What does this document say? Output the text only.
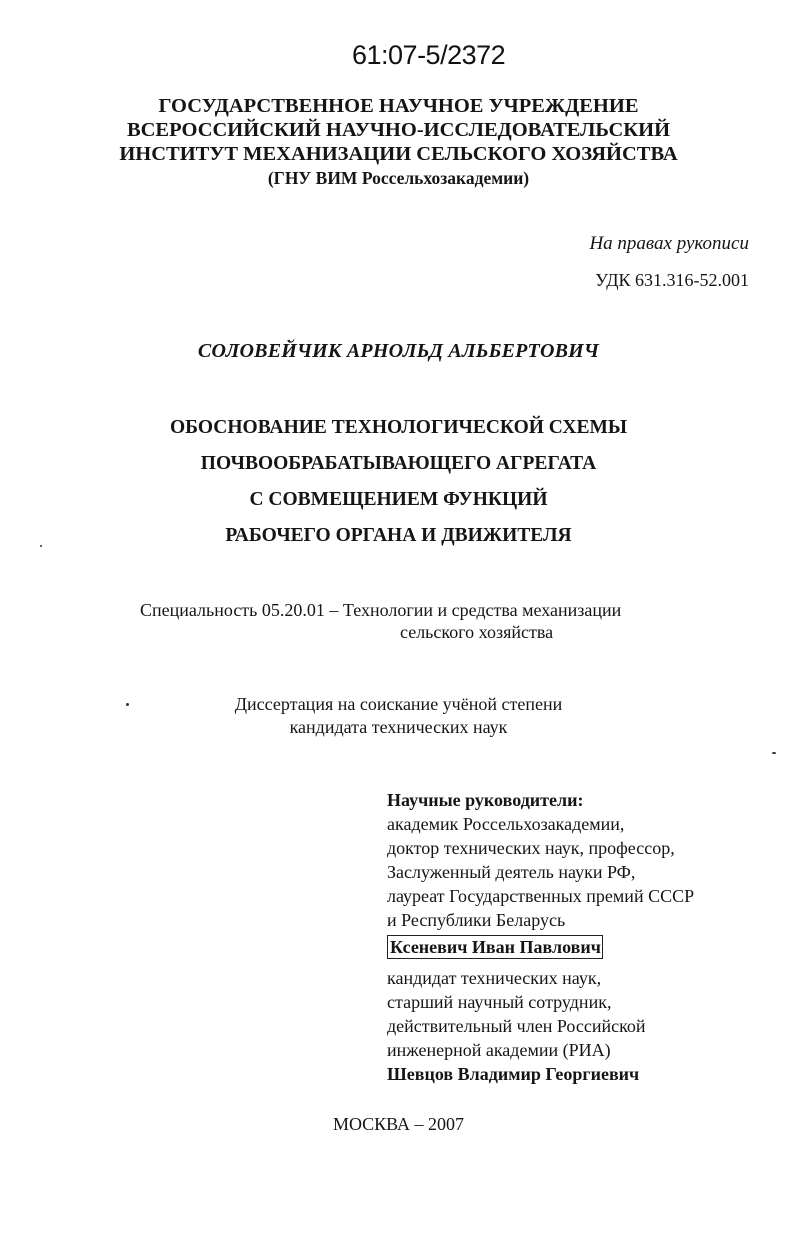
61:07-5/2372
ГОСУДАРСТВЕННОЕ НАУЧНОЕ УЧРЕЖДЕНИЕ
ВСЕРОССИЙСКИЙ НАУЧНО-ИССЛЕДОВАТЕЛЬСКИЙ
ИНСТИТУТ МЕХАНИЗАЦИИ СЕЛЬСКОГО ХОЗЯЙСТВА
(ГНУ ВИМ Россельхозакадемии)
На правах рукописи
УДК 631.316-52.001
СОЛОВЕЙЧИК АРНОЛЬД АЛЬБЕРТОВИЧ
ОБОСНОВАНИЕ ТЕХНОЛОГИЧЕСКОЙ СХЕМЫ
ПОЧВООБРАБАТЫВАЮЩЕГО АГРЕГАТА
С СОВМЕЩЕНИЕМ ФУНКЦИЙ
РАБОЧЕГО ОРГАНА И ДВИЖИТЕЛЯ
Специальность 05.20.01 – Технологии и средства механизации
сельского хозяйства
Диссертация на соискание учёной степени
кандидата технических наук
Научные руководители:
академик Россельхозакадемии,
доктор технических наук, профессор,
Заслуженный деятель науки РФ,
лауреат Государственных премий СССР
и Республики Беларусь
Ксеневич Иван Павлович
кандидат технических наук,
старший научный сотрудник,
действительный член Российской
инженерной академии (РИА)
Шевцов Владимир Георгиевич
МОСКВА – 2007
